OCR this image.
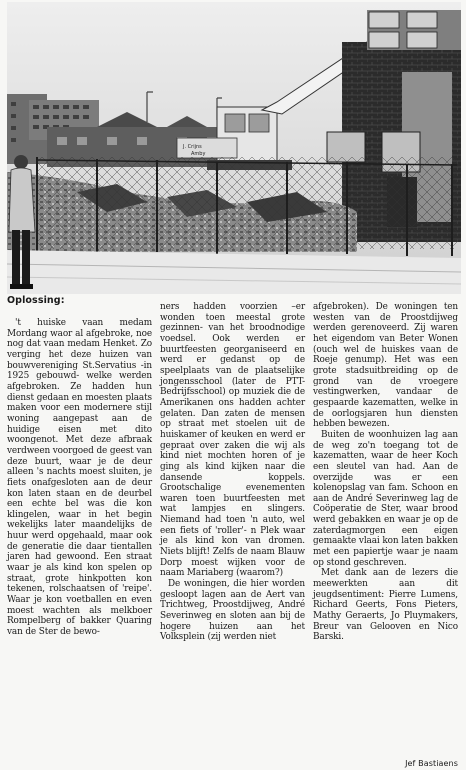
J. Crijns
Amby
Oplossing:

't huiske vaan medam Mordang waor al afgebroke, noe nog dat vaan medam Henket. Zo verging het deze huizen van bouwvereniging St.Servatius -in 1925 gebouwd- welke werden afgebroken. Ze hadden hun dienst gedaan en moesten plaats maken voor een modernere stijl woning aangepast aan de huidige eisen met dito woongenot. Met deze afbraak verdween voorgoed de geest van deze buurt, waar je de deur alleen 's nachts moest sluiten, je fiets onafgesloten aan de deur kon laten staan en de deurbel een echte bel was die kon klingelen, waar in het begin wekelijks later maandelijks de huur werd opgehaald, maar ook de generatie die daar tientallen jaren had gewoond. Een straat waar je als kind kon spelen op straat, grote hinkpotten kon tekenen, rolschaatsen of 'reipe'. Waar je kon voetballen en even moest wachten als melkboer Rompelberg of bakker Quaring van de Ster de bewo-

ners hadden voorzien –er wonden toen meestal grote gezinnen- van het broodnodige voedsel. Ook werden er buurtfeesten georganiseerd en werd er gedanst op de speelplaats van de plaatselijke jongensschool (later de PTT-Bedrijfsschool) op muziek die de Amerikanen ons hadden achter gelaten. Dan zaten de mensen op straat met stoelen uit de huiskamer of keuken en werd er gepraat over zaken die wij als kind niet mochten horen of je ging als kind kijken naar die dansende koppels. Grootschalige evenementen waren toen buurtfeesten met wat lampjes en slingers. Niemand had toen 'n auto, wel een fiets of 'roller'- n Plek waar je als kind kon van dromen. Niets blijft! Zelfs de naam Blauw Dorp moest wijken voor de naam Mariaberg (waarom?)

De woningen, die hier worden gesloopt lagen aan de Aert van Trichtweg, Proostdijweg, André Severinweg en sloten aan bij de hogere huizen aan het Volksplein (zij werden niet

afgebroken). De woningen ten westen van de Proostdijweg werden gerenoveerd. Zij waren het eigendom van Beter Wonen (ouch wel de huiskes vaan de Roeje genump). Het was een grote stadsuitbreiding op de grond van de vroegere vestingwerken, vandaar de gespaarde kazematten, welke in de oorlogsjaren hun diensten hebben bewezen.

Buiten de woonhuizen lag aan de weg zo'n toegang tot de kazematten, waar de heer Koch een sleutel van had. Aan de overzijde was er een kolenopslag van fam. Schoon en aan de André Severinweg lag de Coöperatie de Ster, waar brood werd gebakken en waar je op de zaterdagmorgen een eigen gemaakte vlaai kon laten bakken met een papiertje waar je naam op stond geschreven.

Met dank aan de lezers die meewerkten aan dit jeugdsentiment: Pierre Lumens, Richard Geerts, Fons Pieters, Mathy Geraerts, Jo Pluymakers, Breur van Gelooven en Nico Barski.

Jef Bastiaens
